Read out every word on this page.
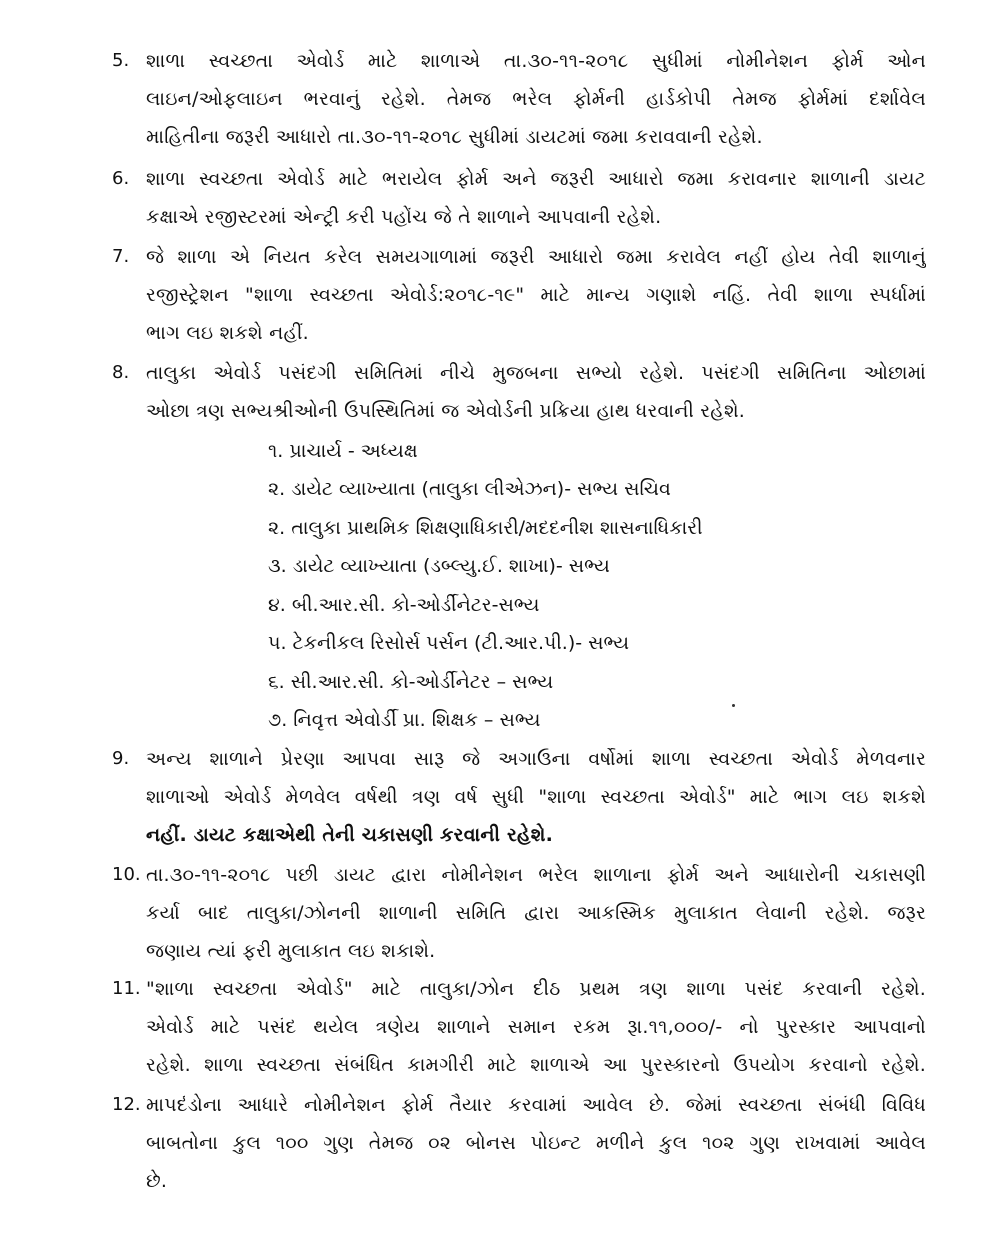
5. શાળા સ્વચ્છતા એવોર્ડ માટે શાળાએ તા.૩૦-૧૧-૨૦૧૮ સુધીમાં નોમીનેશન ફોર્મ ઓન
લાઇન/ઓફલાઇન ભરવાનું રહેશે. તેમજ ભરેલ ફોર્મની હાર્ડકોપી તેમજ ફોર્મમાં દર્શાવેલ
માહિતીના જરૂરી આધારો તા.૩૦-૧૧-૨૦૧૮ સુધીમાં ડાયટમાં જમા કરાવવાની રહેશે.
6. શાળા સ્વચ્છતા એવોર્ડ માટે ભરાયેલ ફોર્મ અને જરૂરી આધારો જમા કરાવનાર શાળાની ડાયટ
કક્ષાએ રજીસ્ટરમાં એન્ટ્રી કરી પહોંચ જે તે શાળાને આપવાની રહેશે.
7. જે શાળા એ નિયત કરેલ સમયગાળામાં જરૂરી આધારો જમા કરાવેલ નહીં હોય તેવી શાળાનું
રજીસ્ટ્રેશન "શાળા સ્વચ્છતા એવોર્ડ:૨૦૧૮-૧૯" માટે માન્ય ગણાશે નહિં. તેવી શાળા સ્પર્ધામાં
ભાગ લઇ શકશે નહીં.
8. તાલુકા એવોર્ડ પસંદગી સમિતિમાં નીચે મુજબના સભ્યો રહેશે. પસંદગી સમિતિના ઓછામાં
ઓછા ત્રણ સભ્યશ્રીઓની ઉપસ્થિતિમાં જ એવોર્ડની પ્રક્રિયા હાથ ધરવાની રહેશે.
૧. પ્રાચાર્ય - અધ્યક્ષ
૨. ડાયેટ વ્યાખ્યાતા (તાલુકા લીએઝન)- સભ્ય સચિવ
૨. તાલુકા પ્રાથમિક શિક્ષણાધિકારી/મદદનીશ શાસનાધિકારી
૩. ડાયેટ વ્યાખ્યાતા (ડબ્લ્યુ.ઈ. શાખા)- સભ્ય
૪. બી.આર.સી. કો-ઓર્ડીનેટર-સભ્ય
૫. ટેકનીકલ રિસોર્સ પર્સન (ટી.આર.પી.)- સભ્ય
૬. સી.આર.સી. કો-ઓર્ડીનેટર – સભ્ય
૭. નિવૃત્ત એવોર્ડી પ્રા. શિક્ષક – સભ્ય
9. અન્ય શાળાને પ્રેરણા આપવા સારૂ જે અગાઉના વર્ષોમાં શાળા સ્વચ્છતા એવોર્ડ મેળવનાર
શાળાઓ એવોર્ડ મેળવેલ વર્ષથી ત્રણ વર્ષ સુધી "શાળા સ્વચ્છતા એવોર્ડ" માટે ભાગ લઇ શકશે
નહીં. ડાયટ કક્ષાએથી તેની ચકાસણી કરવાની રહેશે.
10. તા.૩૦-૧૧-૨૦૧૮ પછી ડાયટ દ્વારા નોમીનેશન ભરેલ શાળાના ફોર્મ અને આધારોની ચકાસણી
કર્યા બાદ તાલુકા/ઝોનની શાળાની સમિતિ દ્વારા આકસ્મિક મુલાકાત લેવાની રહેશે. જરૂર
જણાય ત્યાં ફરી મુલાકાત લઇ શકાશે.
11. "શાળા સ્વચ્છતા એવોર્ડ" માટે તાલુકા/ઝોન દીઠ પ્રથમ ત્રણ શાળા પસંદ કરવાની રહેશે.
એવોર્ડ માટે પસંદ થયેલ ત્રણેય શાળાને સમાન રકમ રૂા.૧૧,૦૦૦/- નો પુરસ્કાર આપવાનો
રહેશે. શાળા સ્વચ્છતા સંબંધિત કામગીરી માટે શાળાએ આ પુરસ્કારનો ઉપયોગ કરવાનો રહેશે.
12. માપદંડોના આધારે નોમીનેશન ફોર્મ તૈયાર કરવામાં આવેલ છે. જેમાં સ્વચ્છતા સંબંધી વિવિધ
બાબતોના કુલ ૧૦૦ ગુણ તેમજ ૦૨ બોનસ પોઇન્ટ મળીને કુલ ૧૦૨ ગુણ રાખવામાં આવેલ
છે.
